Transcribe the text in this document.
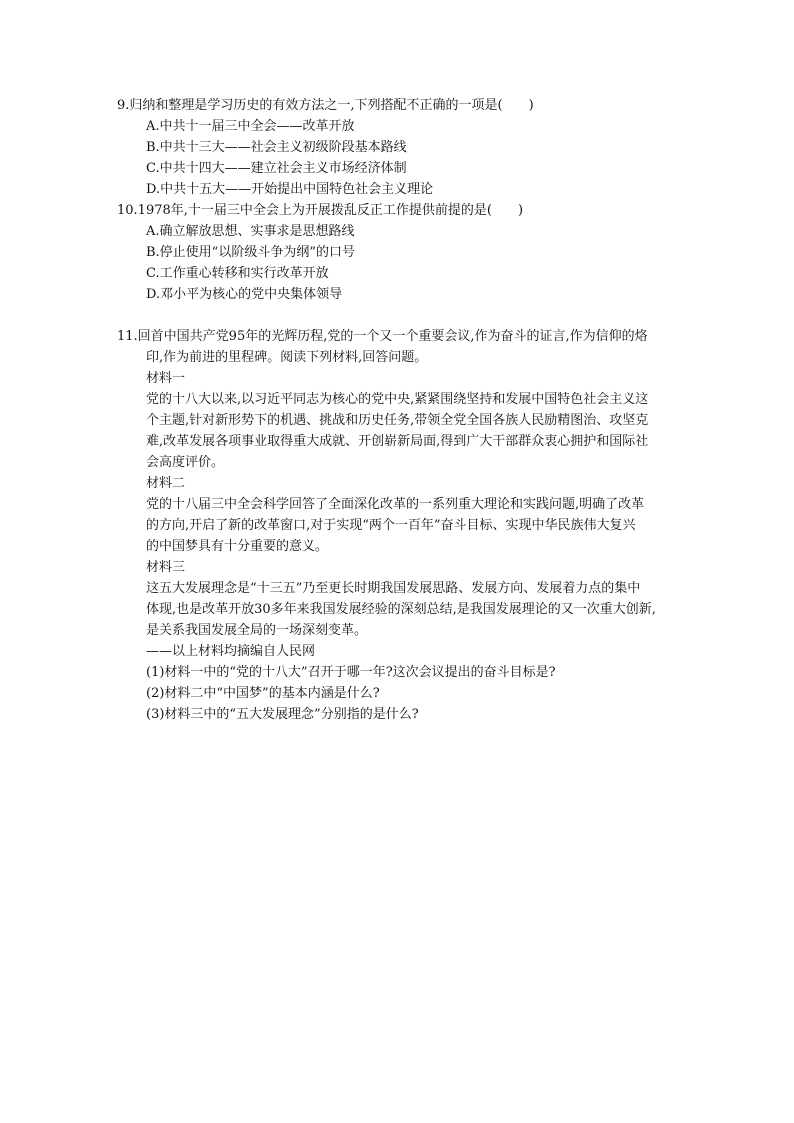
9.归纳和整理是学习历史的有效方法之一,下列搭配不正确的一项是(　　)
A.中共十一届三中全会——改革开放
B.中共十三大——社会主义初级阶段基本路线
C.中共十四大——建立社会主义市场经济体制
D.中共十五大——开始提出中国特色社会主义理论
10.1978年,十一届三中全会上为开展拨乱反正工作提供前提的是(　　)
A.确立解放思想、实事求是思想路线
B.停止使用“以阶级斗争为纲”的口号
C.工作重心转移和实行改革开放
D.邓小平为核心的党中央集体领导
11.回首中国共产党95年的光辉历程,党的一个又一个重要会议,作为奋斗的证言,作为信仰的烙
印,作为前进的里程碑。阅读下列材料,回答问题。
材料一
党的十八大以来,以习近平同志为核心的党中央,紧紧围绕坚持和发展中国特色社会主义这
个主题,针对新形势下的机遇、挑战和历史任务,带领全党全国各族人民励精图治、攻坚克
难,改革发展各项事业取得重大成就、开创崭新局面,得到广大干部群众衷心拥护和国际社
会高度评价。
材料二
党的十八届三中全会科学回答了全面深化改革的一系列重大理论和实践问题,明确了改革
的方向,开启了新的改革窗口,对于实现“两个一百年”奋斗目标、实现中华民族伟大复兴
的中国梦具有十分重要的意义。
材料三
这五大发展理念是“十三五”乃至更长时期我国发展思路、发展方向、发展着力点的集中
体现,也是改革开放30多年来我国发展经验的深刻总结,是我国发展理论的又一次重大创新,
是关系我国发展全局的一场深刻变革。
——以上材料均摘编自人民网
(1)材料一中的“党的十八大”召开于哪一年?这次会议提出的奋斗目标是?
(2)材料二中“中国梦”的基本内涵是什么?
(3)材料三中的“五大发展理念”分别指的是什么?
